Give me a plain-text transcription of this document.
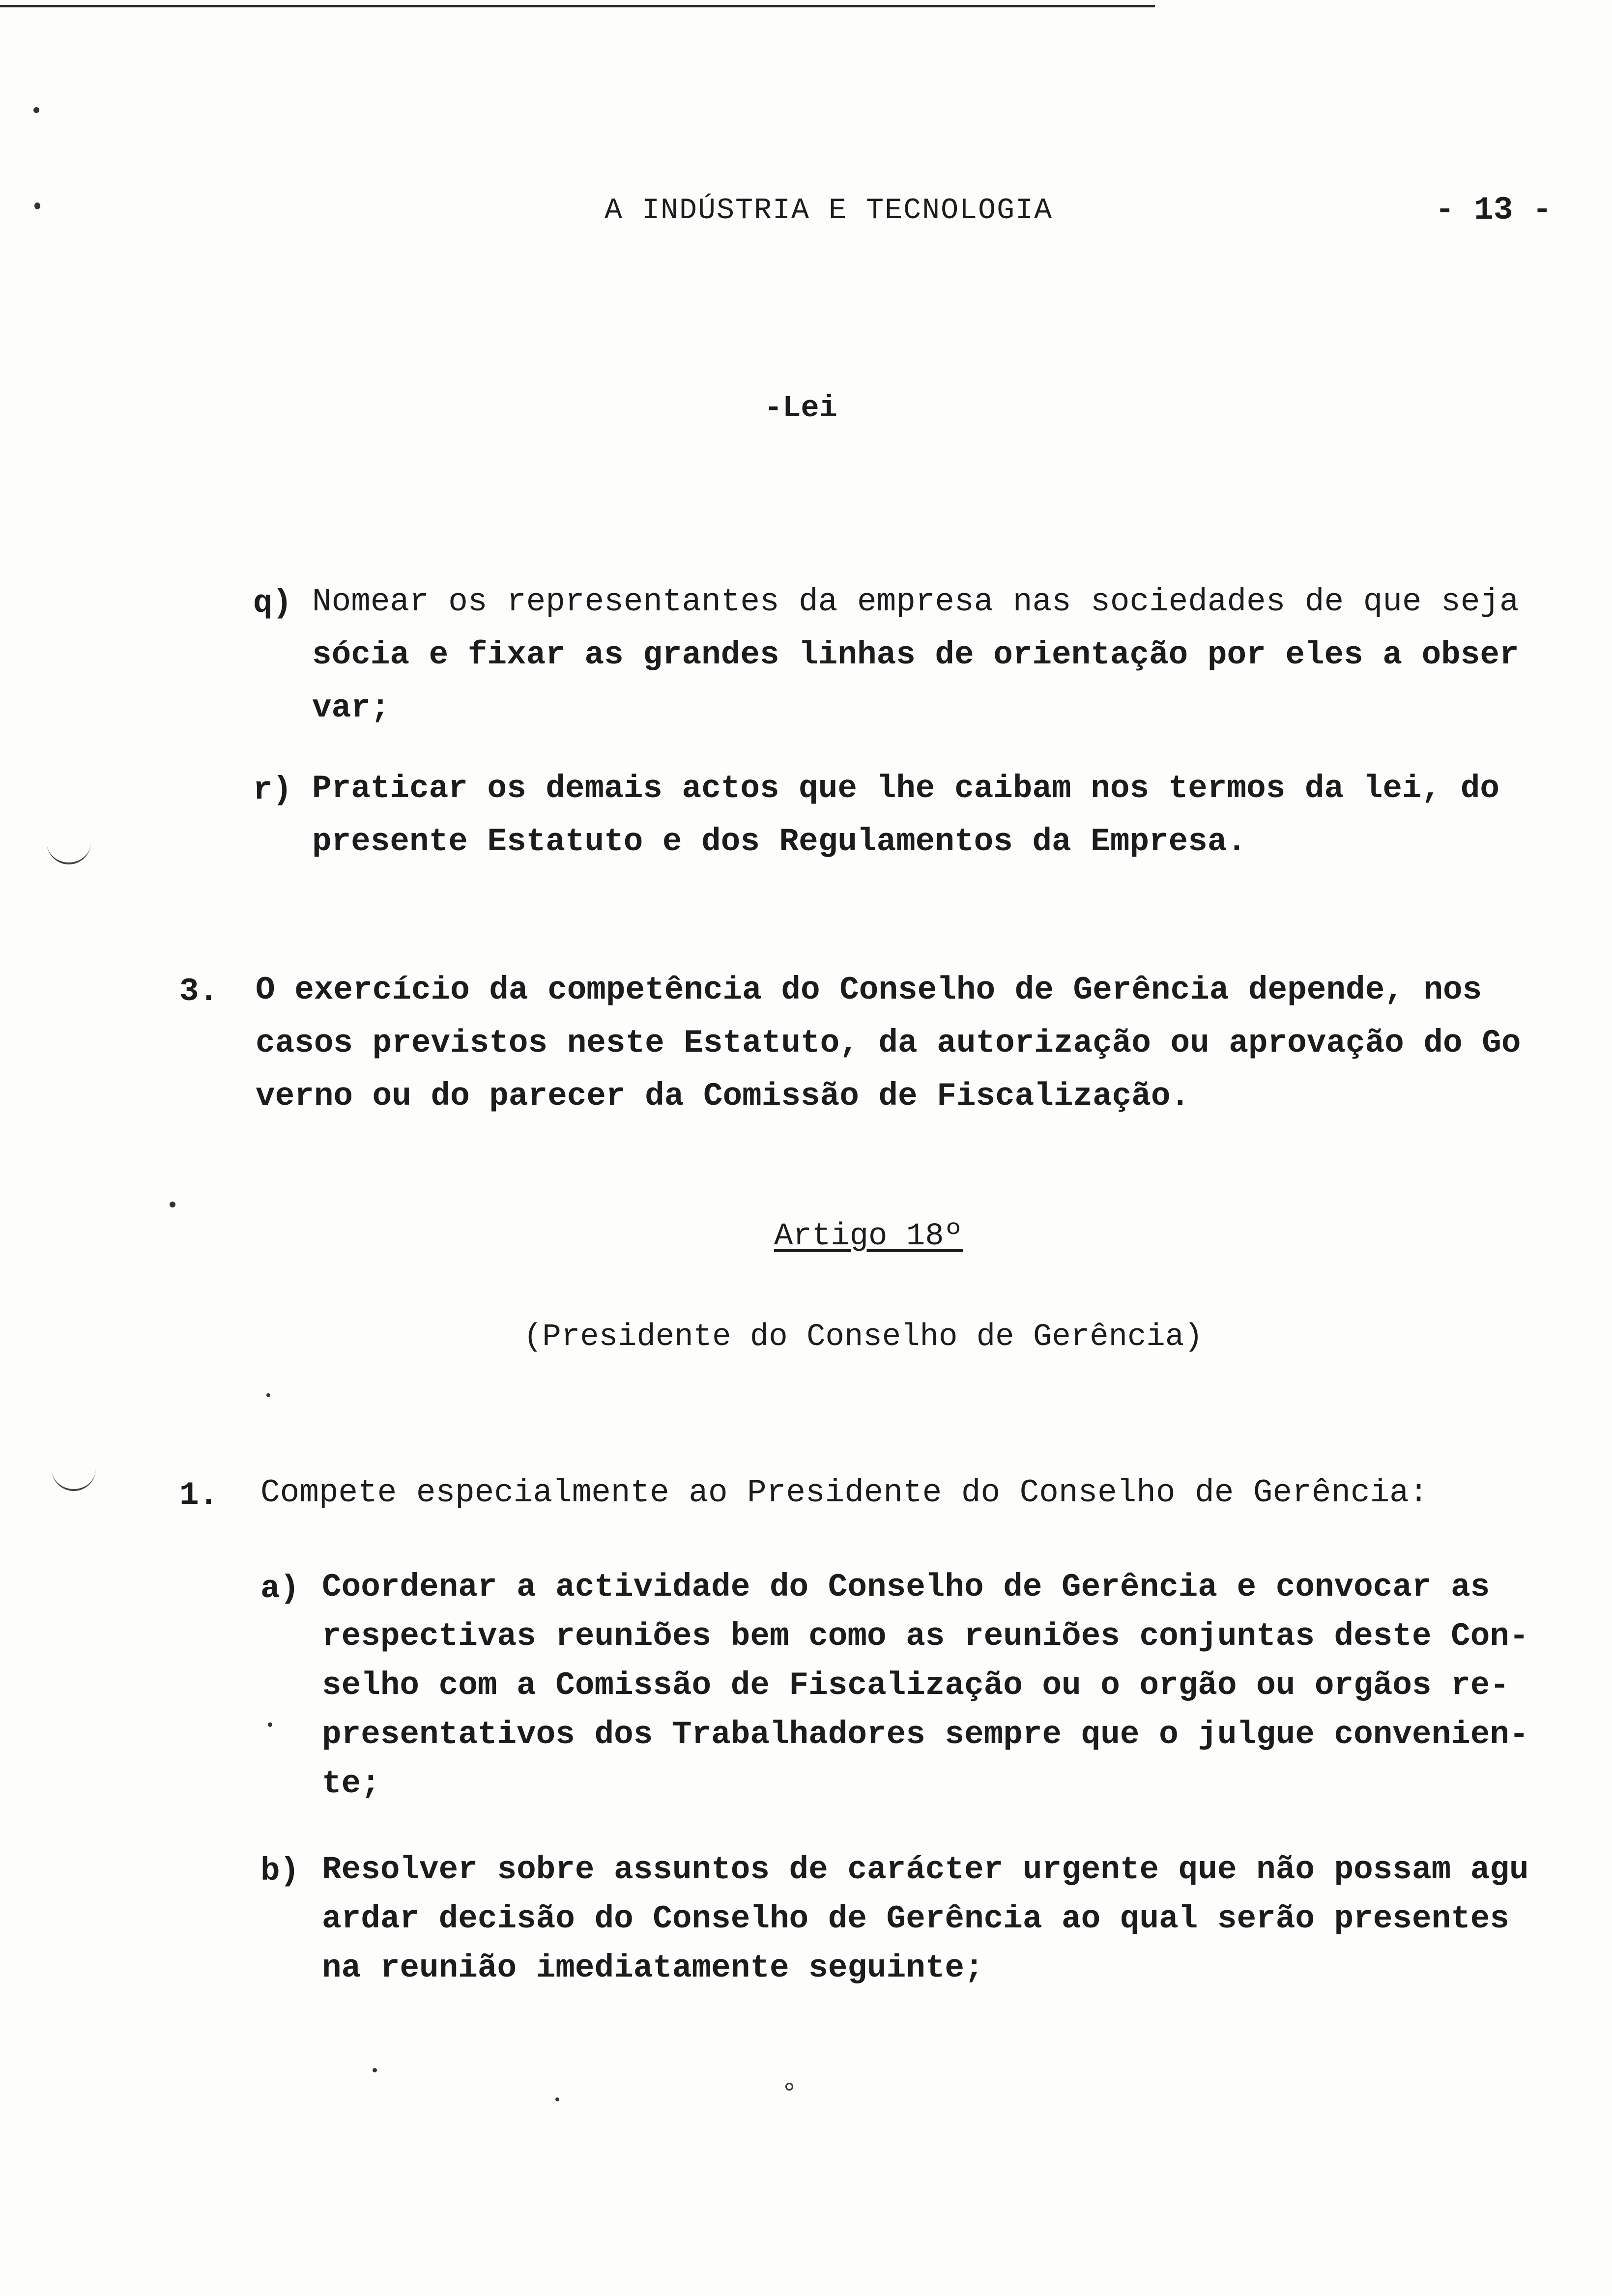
A INDÚSTRIA E TECNOLOGIA	- 13 -
-Lei
q) Nomear os representantes da empresa nas sociedades de que seja
sócia e fixar as grandes linhas de orientação por eles a obser
var;
r) Praticar os demais actos que lhe caibam nos termos da lei, do
presente Estatuto e dos Regulamentos da Empresa.
3. O exercício da competência do Conselho de Gerência depende, nos
casos previstos neste Estatuto, da autorização ou aprovação do Go
verno ou do parecer da Comissão de Fiscalização.
Artigo 18º
(Presidente do Conselho de Gerência)
1. Compete especialmente ao Presidente do Conselho de Gerência:
a) Coordenar a actividade do Conselho de Gerência e convocar as
respectivas reuniões bem como as reuniões conjuntas deste Con-
selho com a Comissão de Fiscalização ou o orgão ou orgãos re-
presentativos dos Trabalhadores sempre que o julgue convenien-
te;
b) Resolver sobre assuntos de carácter urgente que não possam agu
ardar decisão do Conselho de Gerência ao qual serão presentes
na reunião imediatamente seguinte;
